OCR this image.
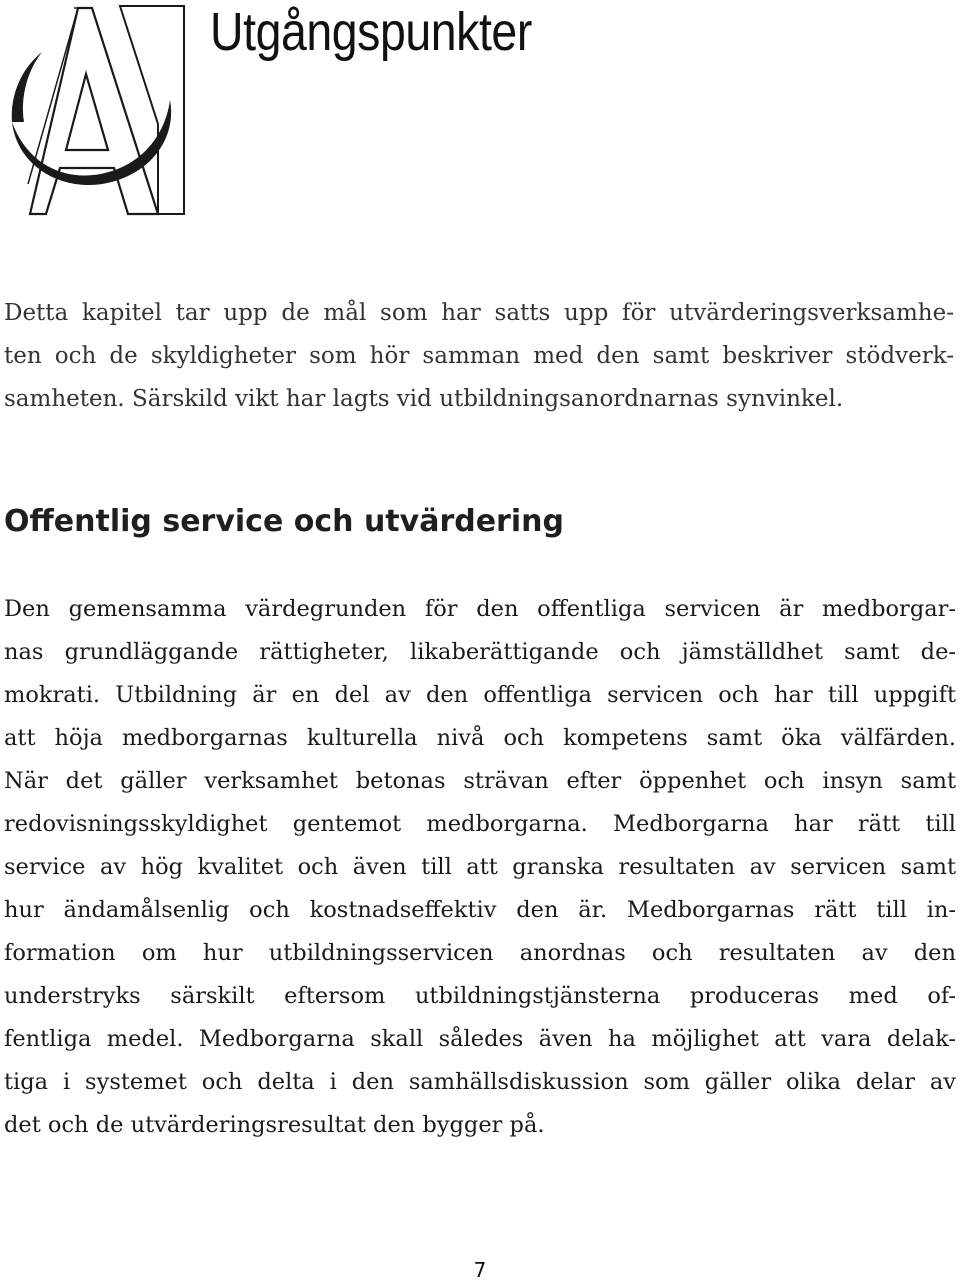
Utgångspunkter

Detta kapitel tar upp de mål som har satts upp för utvärderingsverksamhe-
ten och de skyldigheter som hör samman med den samt beskriver stödverk-
samheten. Särskild vikt har lagts vid utbildningsanordnarnas synvinkel.

Offentlig service och utvärdering
Den gemensamma värdegrunden för den offentliga servicen är medborgar-
nas grundläggande rättigheter, likaberättigande och jämställdhet samt de-
mokrati. Utbildning är en del av den offentliga servicen och har till uppgift
att höja medborgarnas kulturella nivå och kompetens samt öka välfärden.
När det gäller verksamhet betonas strävan efter öppenhet och insyn samt
redovisningsskyldighet gentemot medborgarna. Medborgarna har rätt till
service av hög kvalitet och även till att granska resultaten av servicen samt
hur ändamålsenlig och kostnadseffektiv den är. Medborgarnas rätt till in-
formation om hur utbildningsservicen anordnas och resultaten av den
understryks särskilt eftersom utbildningstjänsterna produceras med of-
fentliga medel. Medborgarna skall således även ha möjlighet att vara delak-
tiga i systemet och delta i den samhällsdiskussion som gäller olika delar av
det och de utvärderingsresultat den bygger på.

7
